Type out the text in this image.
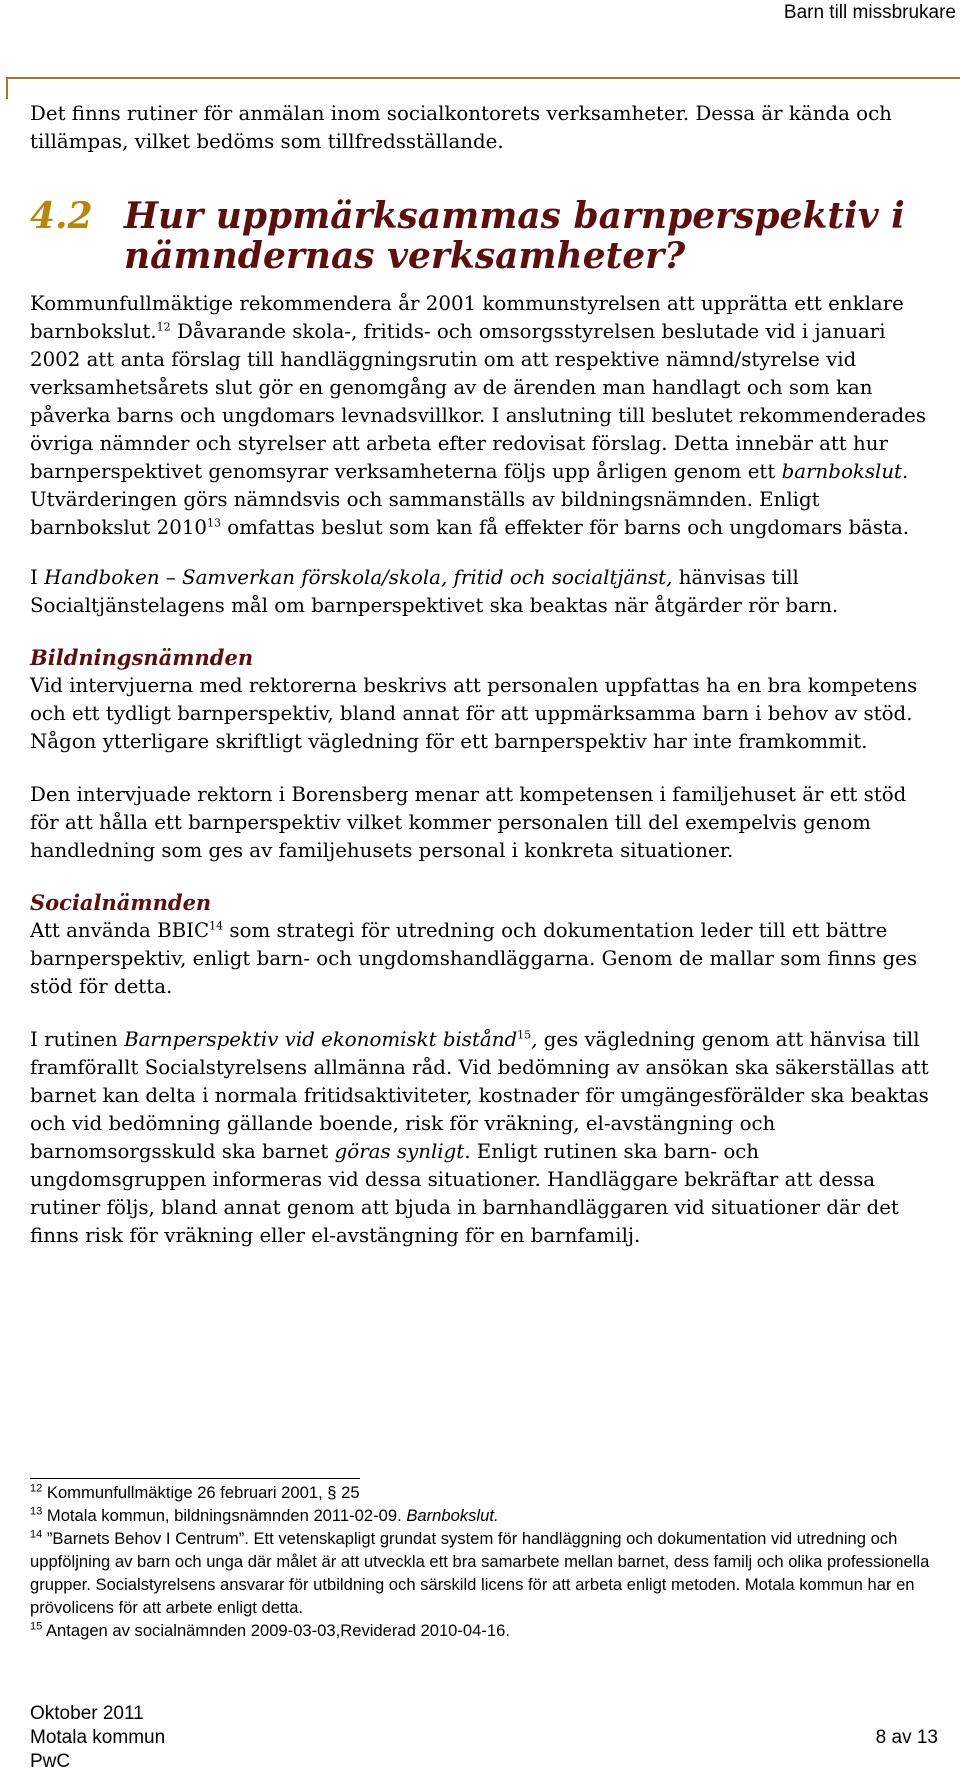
Barn till missbrukare

Det finns rutiner för anmälan inom socialkontorets verksamheter. Dessa är kända och tillämpas, vilket bedöms som tillfredsställande.

4.2 Hur uppmärksammas barnperspektiv i nämndernas verksamheter?

Kommunfullmäktige rekommendera år 2001 kommunstyrelsen att upprätta ett enklare barnbokslut.$^{12}$ Dåvarande skola-, fritids- och omsorgsstyrelsen beslutade vid i januari 2002 att anta förslag till handläggningsrutin om att respektive nämnd/styrelse vid verksamhetsårets slut gör en genomgång av de ärenden man handlagt och som kan påverka barns och ungdomars levnadsvillkor. I anslutning till beslutet rekommenderades övriga nämnder och styrelser att arbeta efter redovisat förslag. Detta innebär att hur barnperspektivet genomsyrar verksamheterna följs upp årligen genom ett barnbokslut. Utvärderingen görs nämndsvis och sammanställs av bildningsnämnden. Enligt barnbokslut 2010$^{13}$ omfattas beslut som kan få effekter för barns och ungdomars bästa.

I Handboken – Samverkan förskola/skola, fritid och socialtjänst, hänvisas till Socialtjänstelagens mål om barnperspektivet ska beaktas när åtgärder rör barn.

Bildningsnämnden

Vid intervjuerna med rektorerna beskrivs att personalen uppfattas ha en bra kompetens och ett tydligt barnperspektiv, bland annat för att uppmärksamma barn i behov av stöd. Någon ytterligare skriftligt vägledning för ett barnperspektiv har inte framkommit.

Den intervjuade rektorn i Borensberg menar att kompetensen i familjehuset är ett stöd för att hålla ett barnperspektiv vilket kommer personalen till del exempelvis genom handledning som ges av familjehusets personal i konkreta situationer.

Socialnämnden

Att använda BBIC$^{14}$ som strategi för utredning och dokumentation leder till ett bättre barnperspektiv, enligt barn- och ungdomshandläggarna. Genom de mallar som finns ges stöd för detta.

I rutinen Barnperspektiv vid ekonomiskt bistånd$^{15}$, ges vägledning genom att hänvisa till framförallt Socialstyrelsens allmänna råd. Vid bedömning av ansökan ska säkerställas att barnet kan delta i normala fritidsaktiviteter, kostnader för umgängesförälder ska beaktas och vid bedömning gällande boende, risk för vräkning, el-avstängning och barnomsorgsskuld ska barnet göras synligt. Enligt rutinen ska barn- och ungdomsgruppen informeras vid dessa situationer. Handläggare bekräftar att dessa rutiner följs, bland annat genom att bjuda in barnhandläggaren vid situationer där det finns risk för vräkning eller el-avstängning för en barnfamilj.

$^{12}$ Kommunfullmäktige 26 februari 2001, § 25
$^{13}$ Motala kommun, bildningsnämnden 2011-02-09. Barnbokslut.
$^{14}$ ”Barnets Behov I Centrum”. Ett vetenskapligt grundat system för handläggning och dokumentation vid utredning och uppföljning av barn och unga där målet är att utveckla ett bra samarbete mellan barnet, dess familj och olika professionella grupper. Socialstyrelsens ansvarar för utbildning och särskild licens för att arbeta enligt metoden. Motala kommun har en prövolicens för att arbete enligt detta.
$^{15}$ Antagen av socialnämnden 2009-03-03,Reviderad 2010-04-16.
Oktober 2011
Motala kommun
PwC
8 av 13
